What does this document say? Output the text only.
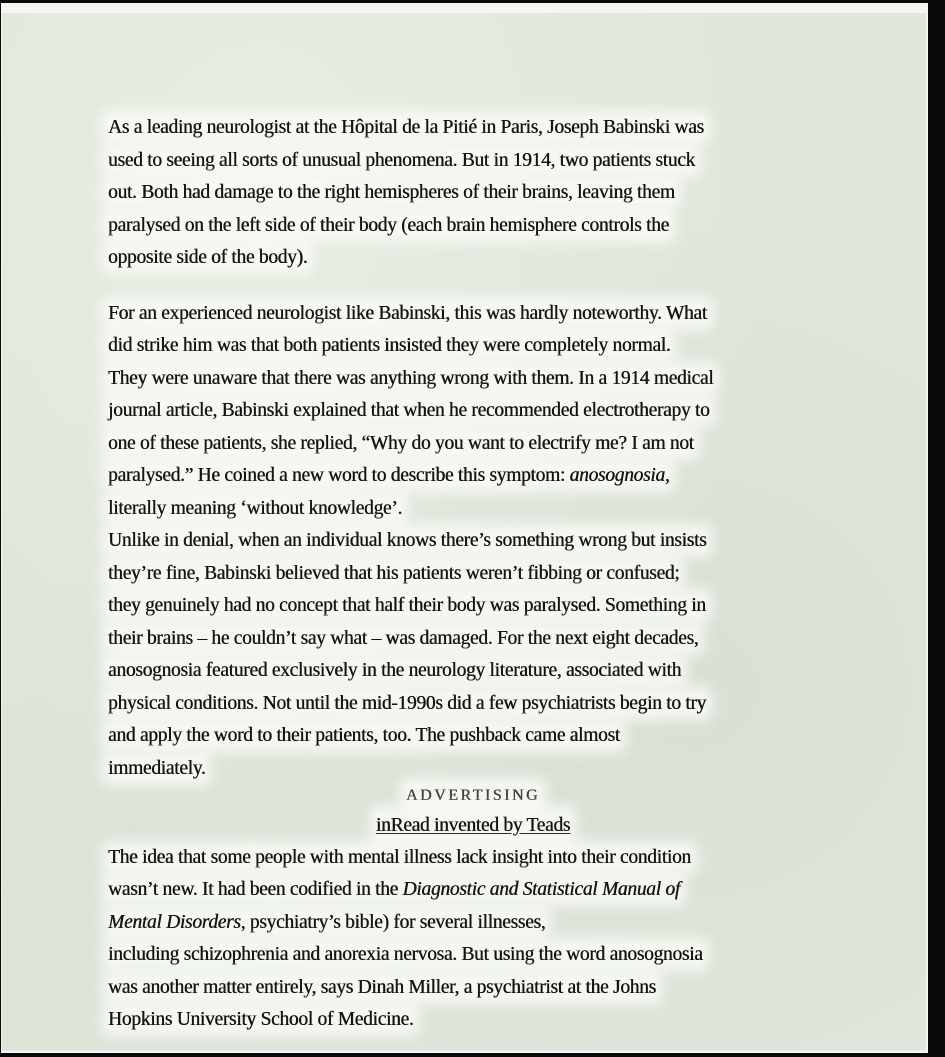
As a leading neurologist at the Hôpital de la Pitié in Paris, Joseph Babinski was
used to seeing all sorts of unusual phenomena. But in 1914, two patients stuck
out. Both had damage to the right hemispheres of their brains, leaving them
paralysed on the left side of their body (each brain hemisphere controls the
opposite side of the body).
For an experienced neurologist like Babinski, this was hardly noteworthy. What
did strike him was that both patients insisted they were completely normal.
They were unaware that there was anything wrong with them. In a 1914 medical
journal article, Babinski explained that when he recommended electrotherapy to
one of these patients, she replied, “Why do you want to electrify me? I am not
paralysed.” He coined a new word to describe this symptom: anosognosia,
literally meaning ‘without knowledge’.
Unlike in denial, when an individual knows there’s something wrong but insists
they’re fine, Babinski believed that his patients weren’t fibbing or confused;
they genuinely had no concept that half their body was paralysed. Something in
their brains – he couldn’t say what – was damaged. For the next eight decades,
anosognosia featured exclusively in the neurology literature, associated with
physical conditions. Not until the mid-1990s did a few psychiatrists begin to try
and apply the word to their patients, too. The pushback came almost
immediately.
ADVERTISING
inRead invented by Teads
The idea that some people with mental illness lack insight into their condition
wasn’t new. It had been codified in the Diagnostic and Statistical Manual of
Mental Disorders, psychiatry’s bible) for several illnesses,
including schizophrenia and anorexia nervosa. But using the word anosognosia
was another matter entirely, says Dinah Miller, a psychiatrist at the Johns
Hopkins University School of Medicine.
